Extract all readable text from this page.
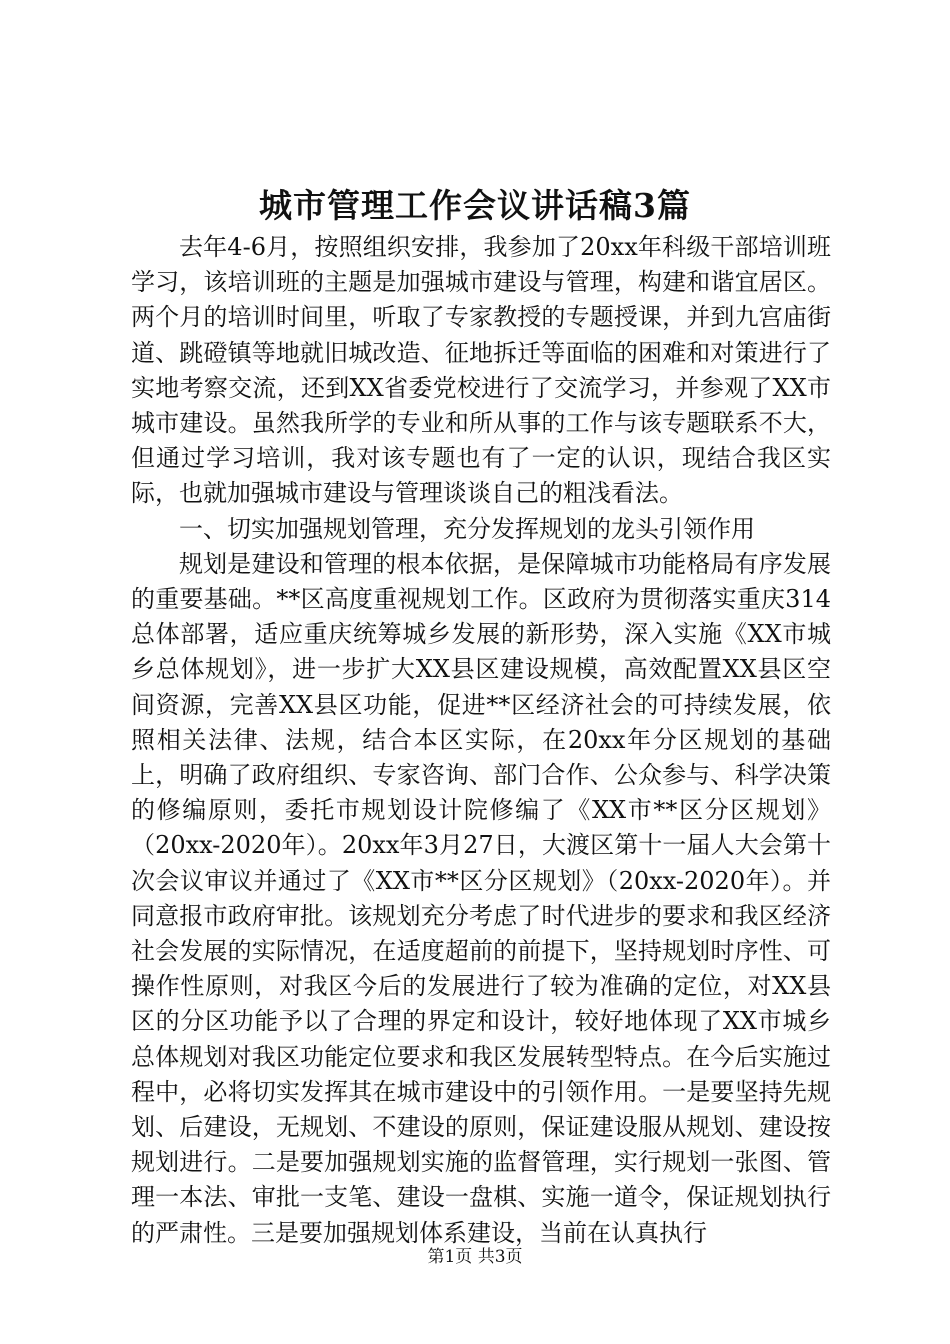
城市管理工作会议讲话稿3篇

去年4-6月，按照组织安排，我参加了20xx年科级干部培训班学习，该培训班的主题是加强城市建设与管理，构建和谐宜居区。两个月的培训时间里，听取了专家教授的专题授课，并到九宫庙街道、跳磴镇等地就旧城改造、征地拆迁等面临的困难和对策进行了实地考察交流，还到XX省委党校进行了交流学习，并参观了XX市城市建设。虽然我所学的专业和所从事的工作与该专题联系不大，但通过学习培训，我对该专题也有了一定的认识，现结合我区实际，也就加强城市建设与管理谈谈自己的粗浅看法。

一、切实加强规划管理，充分发挥规划的龙头引领作用

规划是建设和管理的根本依据，是保障城市功能格局有序发展的重要基础。**区高度重视规划工作。区政府为贯彻落实重庆314总体部署，适应重庆统筹城乡发展的新形势，深入实施《XX市城乡总体规划》，进一步扩大XX县区建设规模，高效配置XX县区空间资源，完善XX县区功能，促进**区经济社会的可持续发展，依照相关法律、法规，结合本区实际，在20xx年分区规划的基础上，明确了政府组织、专家咨询、部门合作、公众参与、科学决策的修编原则，委托市规划设计院修编了《XX市**区分区规划》（20xx-2020年）。20xx年3月27日，大渡区第十一届人大会第十次会议审议并通过了《XX市**区分区规划》（20xx-2020年）。并同意报市政府审批。该规划充分考虑了时代进步的要求和我区经济社会发展的实际情况，在适度超前的前提下，坚持规划时序性、可操作性原则，对我区今后的发展进行了较为准确的定位，对XX县区的分区功能予以了合理的界定和设计，较好地体现了XX市城乡总体规划对我区功能定位要求和我区发展转型特点。在今后实施过程中，必将切实发挥其在城市建设中的引领作用。一是要坚持先规划、后建设，无规划、不建设的原则，保证建设服从规划、建设按规划进行。二是要加强规划实施的监督管理，实行规划一张图、管理一本法、审批一支笔、建设一盘棋、实施一道令，保证规划执行的严肃性。三是要加强规划体系建设，当前在认真执行

第1页 共3页
